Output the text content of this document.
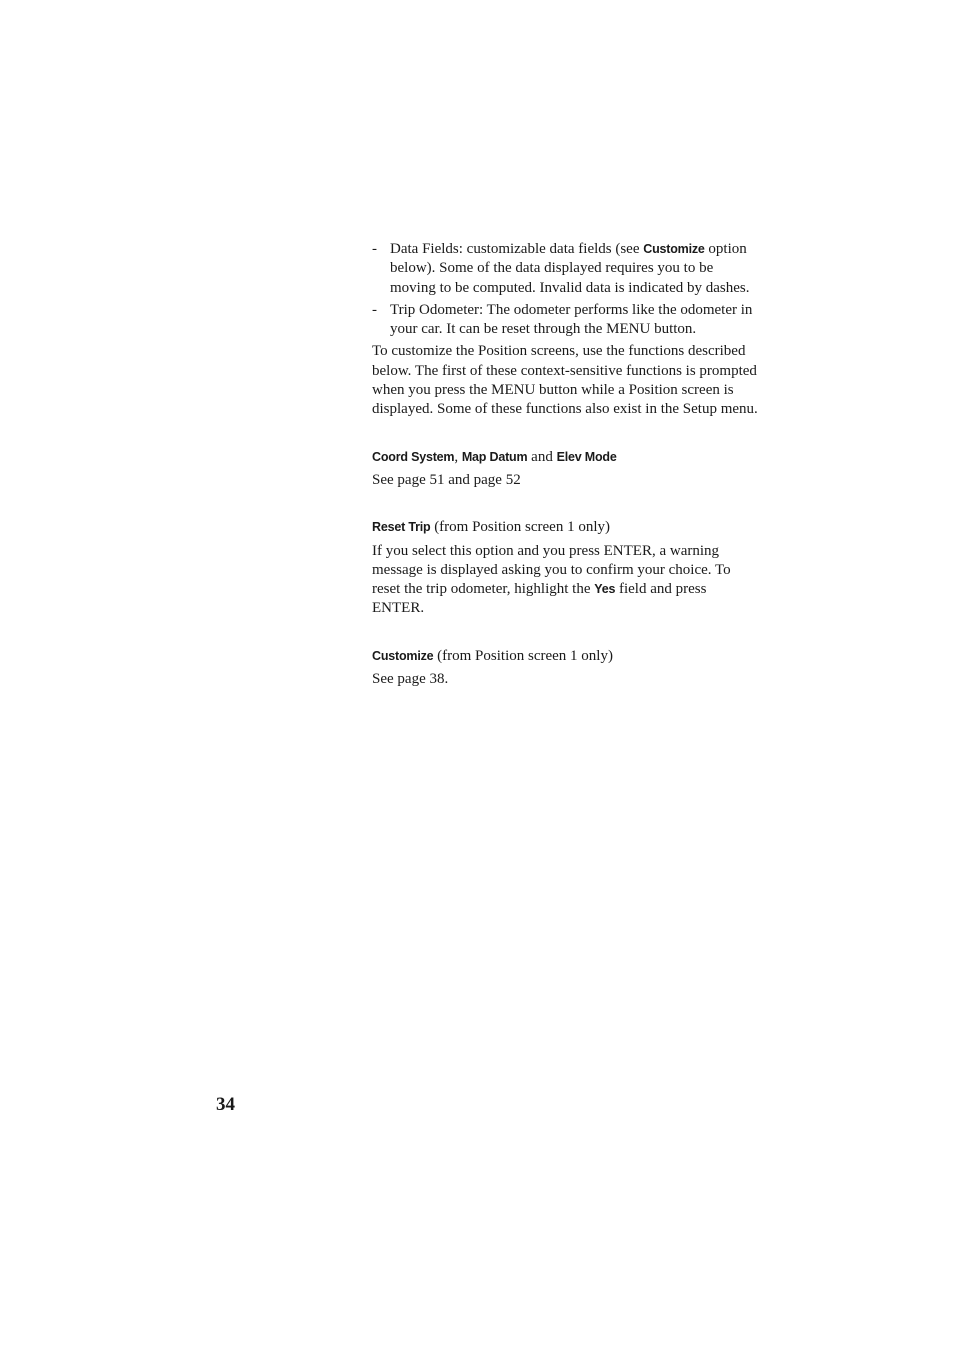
- Data Fields: customizable data fields (see Customize option below). Some of the data displayed requires you to be moving to be computed. Invalid data is indicated by dashes.
- Trip Odometer: The odometer performs like the odometer in your car. It can be reset through the MENU button.

To customize the Position screens, use the functions described below. The first of these context-sensitive functions is prompted when you press the MENU button while a Position screen is displayed. Some of these functions also exist in the Setup menu.

Coord System, Map Datum and Elev Mode

See page 51 and page 52

Reset Trip (from Position screen 1 only)

If you select this option and you press ENTER, a warning message is displayed asking you to confirm your choice. To reset the trip odometer, highlight the Yes field and press ENTER.

Customize (from Position screen 1 only)

See page 38.

34
